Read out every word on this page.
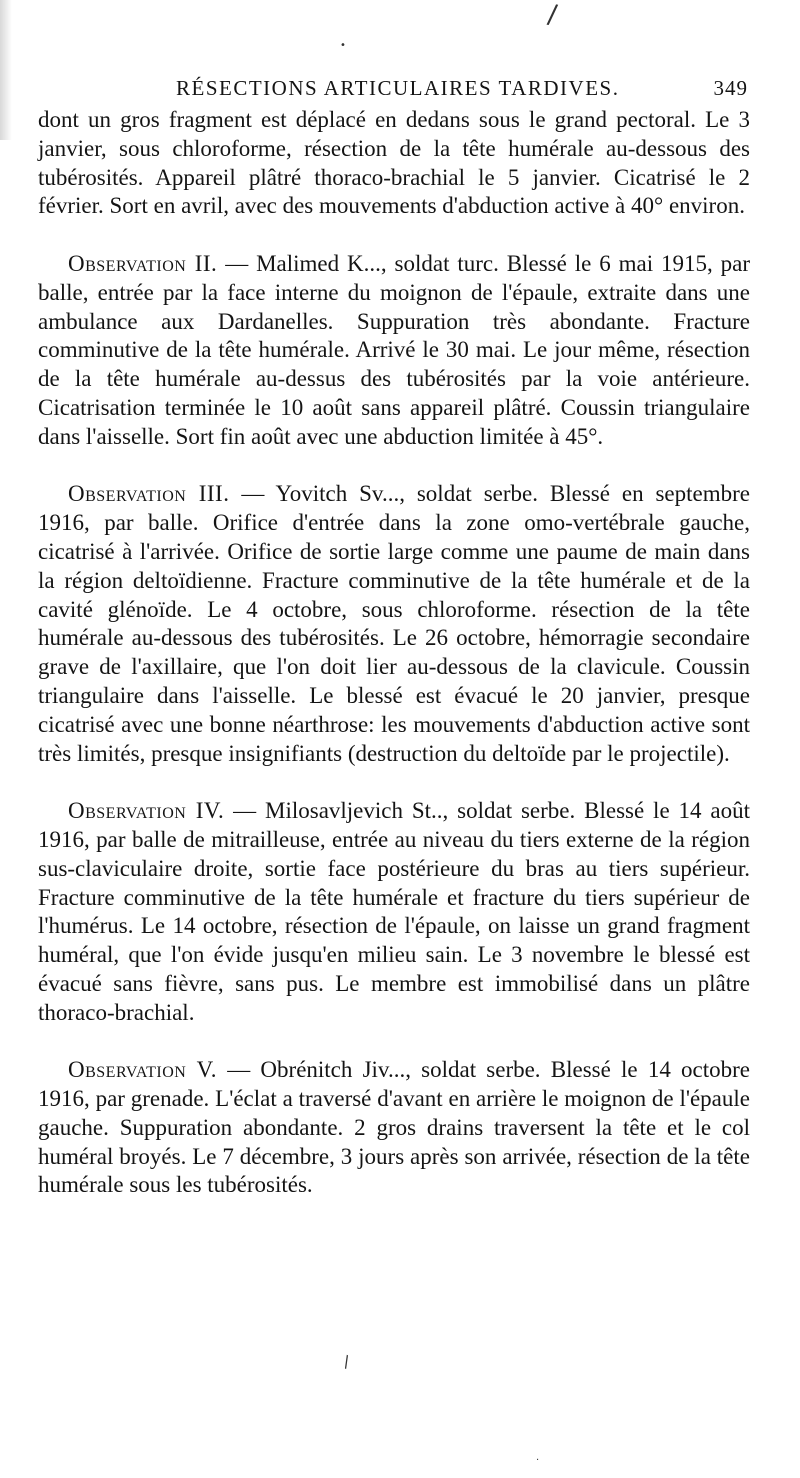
/
•
\
·
RÉSECTIONS ARTICULAIRES TARDIVES.	349

dont un gros fragment est déplacé en dedans sous le grand pectoral. Le 3 janvier, sous chloroforme, résection de la tête humérale au-dessous des tubérosités. Appareil plâtré thoraco-brachial le 5 janvier. Cicatrisé le 2 février. Sort en avril, avec des mouvements d'abduction active à 40° environ.

Observation II. — Malimed K..., soldat turc. Blessé le 6 mai 1915, par balle, entrée par la face interne du moignon de l'épaule, extraite dans une ambulance aux Dardanelles. Suppuration très abondante. Fracture comminutive de la tête humérale. Arrivé le 30 mai. Le jour même, résection de la tête humérale au-dessus des tubérosités par la voie antérieure. Cicatrisation terminée le 10 août sans appareil plâtré. Coussin triangulaire dans l'aisselle. Sort fin août avec une abduction limitée à 45°.

Observation III. — Yovitch Sv..., soldat serbe. Blessé en septembre 1916, par balle. Orifice d'entrée dans la zone omo-vertébrale gauche, cicatrisé à l'arrivée. Orifice de sortie large comme une paume de main dans la région deltoïdienne. Fracture comminutive de la tête humérale et de la cavité glénoïde. Le 4 octobre, sous chloroforme. résection de la tête humérale au-dessous des tubérosités. Le 26 octobre, hémorragie secondaire grave de l'axillaire, que l'on doit lier au-dessous de la clavicule. Coussin triangulaire dans l'aisselle. Le blessé est évacué le 20 janvier, presque cicatrisé avec une bonne néarthrose: les mouvements d'abduction active sont très limités, presque insignifiants (destruction du deltoïde par le projectile).

Observation IV. — Milosavljevich St.., soldat serbe. Blessé le 14 août 1916, par balle de mitrailleuse, entrée au niveau du tiers externe de la région sus-claviculaire droite, sortie face postérieure du bras au tiers supérieur. Fracture comminutive de la tête humérale et fracture du tiers supérieur de l'humérus. Le 14 octobre, résection de l'épaule, on laisse un grand fragment huméral, que l'on évide jusqu'en milieu sain. Le 3 novembre le blessé est évacué sans fièvre, sans pus. Le membre est immobilisé dans un plâtre thoraco-brachial.

Observation V. — Obrénitch Jiv..., soldat serbe. Blessé le 14 octobre 1916, par grenade. L'éclat a traversé d'avant en arrière le moignon de l'épaule gauche. Suppuration abondante. 2 gros drains traversent la tête et le col huméral broyés. Le 7 décembre, 3 jours après son arrivée, résection de la tête humérale sous les tubérosités.
